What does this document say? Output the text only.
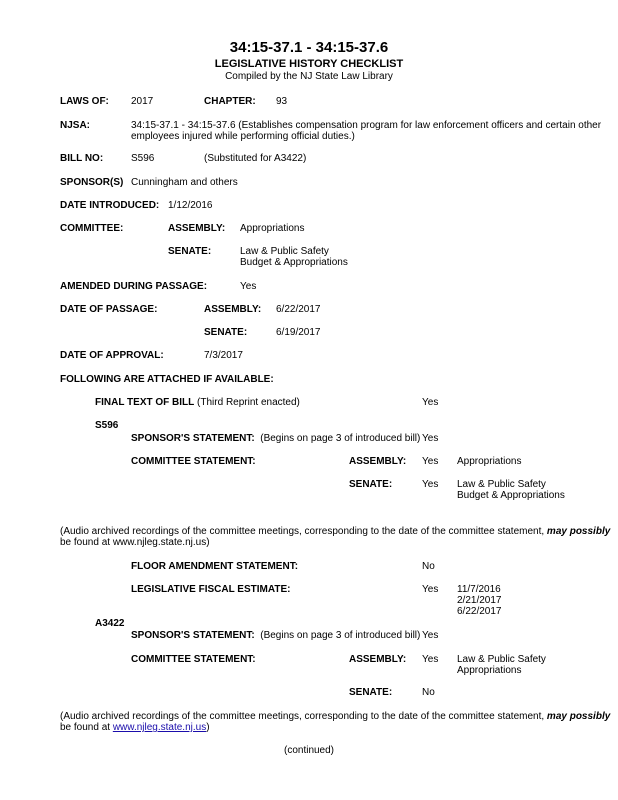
34:15-37.1 - 34:15-37.6
LEGISLATIVE HISTORY CHECKLIST
Compiled by the NJ State Law Library
LAWS OF: 2017	CHAPTER: 93
NJSA:	34:15-37.1 - 34:15-37.6 (Establishes compensation program for law enforcement officers and certain other
employees injured while performing official duties.)
BILL NO:	S596	(Substituted for A3422)
SPONSOR(S) Cunningham and others
DATE INTRODUCED: 1/12/2016
COMMITTEE:	ASSEMBLY: Appropriations
SENATE:	Law & Public Safety
Budget & Appropriations
AMENDED DURING PASSAGE:	Yes
DATE OF PASSAGE:	ASSEMBLY: 6/22/2017
SENATE:	6/19/2017
DATE OF APPROVAL:	7/3/2017
FOLLOWING ARE ATTACHED IF AVAILABLE:
FINAL TEXT OF BILL (Third Reprint enacted)	Yes
S596
SPONSOR'S STATEMENT: (Begins on page 3 of introduced bill) Yes
COMMITTEE STATEMENT:	ASSEMBLY: Yes Appropriations
SENATE:	Yes Law & Public Safety
Budget & Appropriations
(Audio archived recordings of the committee meetings, corresponding to the date of the committee statement, may possibly
be found at www.njleg.state.nj.us)
FLOOR AMENDMENT STATEMENT:	No
LEGISLATIVE FISCAL ESTIMATE:	Yes 11/7/2016
2/21/2017
6/22/2017
A3422
SPONSOR'S STATEMENT: (Begins on page 3 of introduced bill) Yes
COMMITTEE STATEMENT:	ASSEMBLY: Yes Law & Public Safety
Appropriations
SENATE:	No
(Audio archived recordings of the committee meetings, corresponding to the date of the committee statement, may possibly
be found at www.njleg.state.nj.us)
(continued)
